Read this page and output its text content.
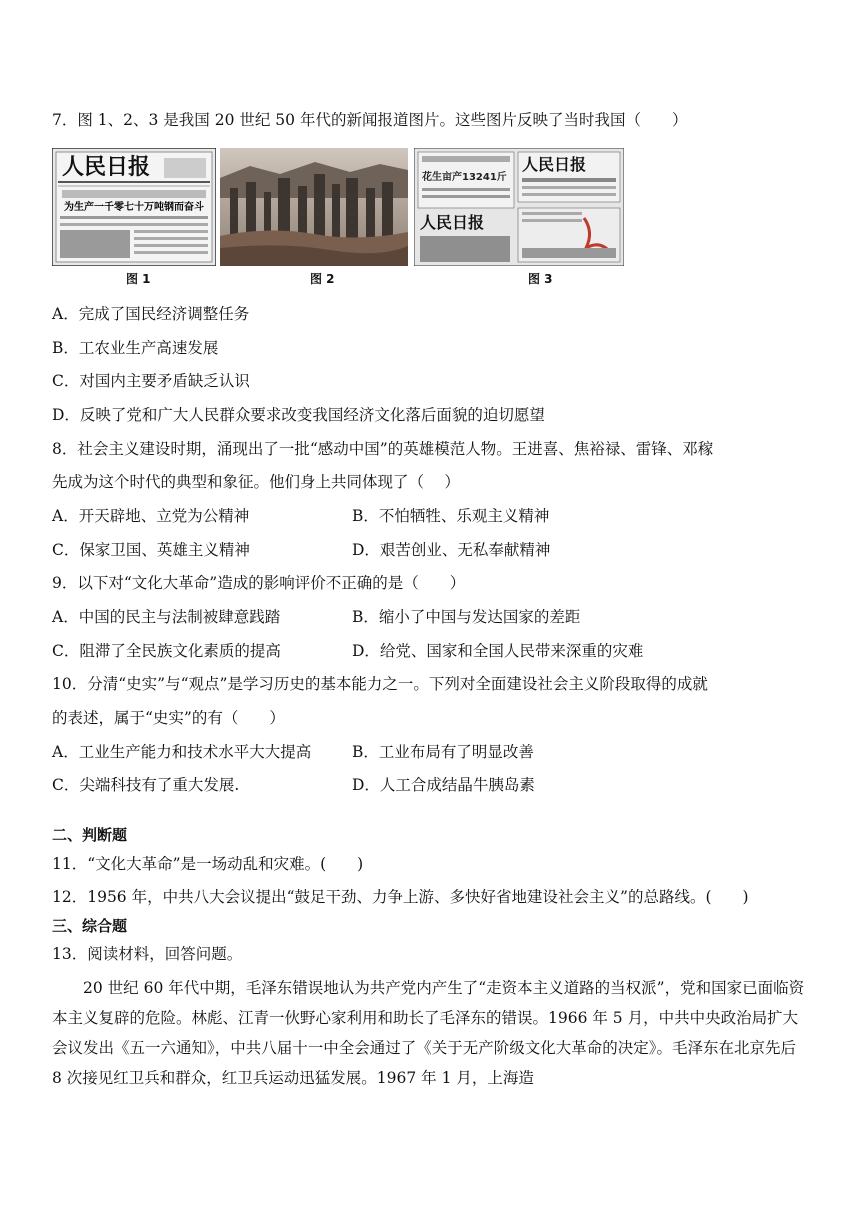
7．图 1、2、3 是我国 20 世纪 50 年代的新闻报道图片。这些图片反映了当时我国（　　）
人民日报
为生产一千零七十万吨钢而奋斗
图 1	图 2
花生亩产13241斤
人民日报
人民日报
图 3
A．完成了国民经济调整任务
B．工农业生产高速发展
C．对国内主要矛盾缺乏认识
D．反映了党和广大人民群众要求改变我国经济文化落后面貌的迫切愿望
8．社会主义建设时期，涌现出了一批“感动中国”的英雄模范人物。王进喜、焦裕禄、雷锋、邓稼
先成为这个时代的典型和象征。他们身上共同体现了（　 ）
A．开天辟地、立党为公精神	B．不怕牺牲、乐观主义精神
C．保家卫国、英雄主义精神	D．艰苦创业、无私奉献精神
9．以下对“文化大革命”造成的影响评价不正确的是（　　）
A．中国的民主与法制被肆意践踏	B．缩小了中国与发达国家的差距
C．阻滞了全民族文化素质的提高	D．给党、国家和全国人民带来深重的灾难
10．分清“史实”与“观点”是学习历史的基本能力之一。下列对全面建设社会主义阶段取得的成就
的表述，属于“史实”的有（　　）
A．工业生产能力和技术水平大大提高	B．工业布局有了明显改善
C．尖端科技有了重大发展.	D．人工合成结晶牛胰岛素
二、判断题
11．“文化大革命”是一场动乱和灾难。(　　)
12．1956 年，中共八大会议提出“鼓足干劲、力争上游、多快好省地建设社会主义”的总路线。(　　)
三、综合题
13．阅读材料，回答问题。
20 世纪 60 年代中期，毛泽东错误地认为共产党内产生了“走资本主义道路的当权派”，党和国家已面临资本主义复辟的危险。林彪、江青一伙野心家利用和助长了毛泽东的错误。1966 年 5 月，中共中央政治局扩大会议发出《五一六通知》，中共八届十一中全会通过了《关于无产阶级文化大革命的决定》。毛泽东在北京先后 8 次接见红卫兵和群众，红卫兵运动迅猛发展。1967 年 1 月，上海造
